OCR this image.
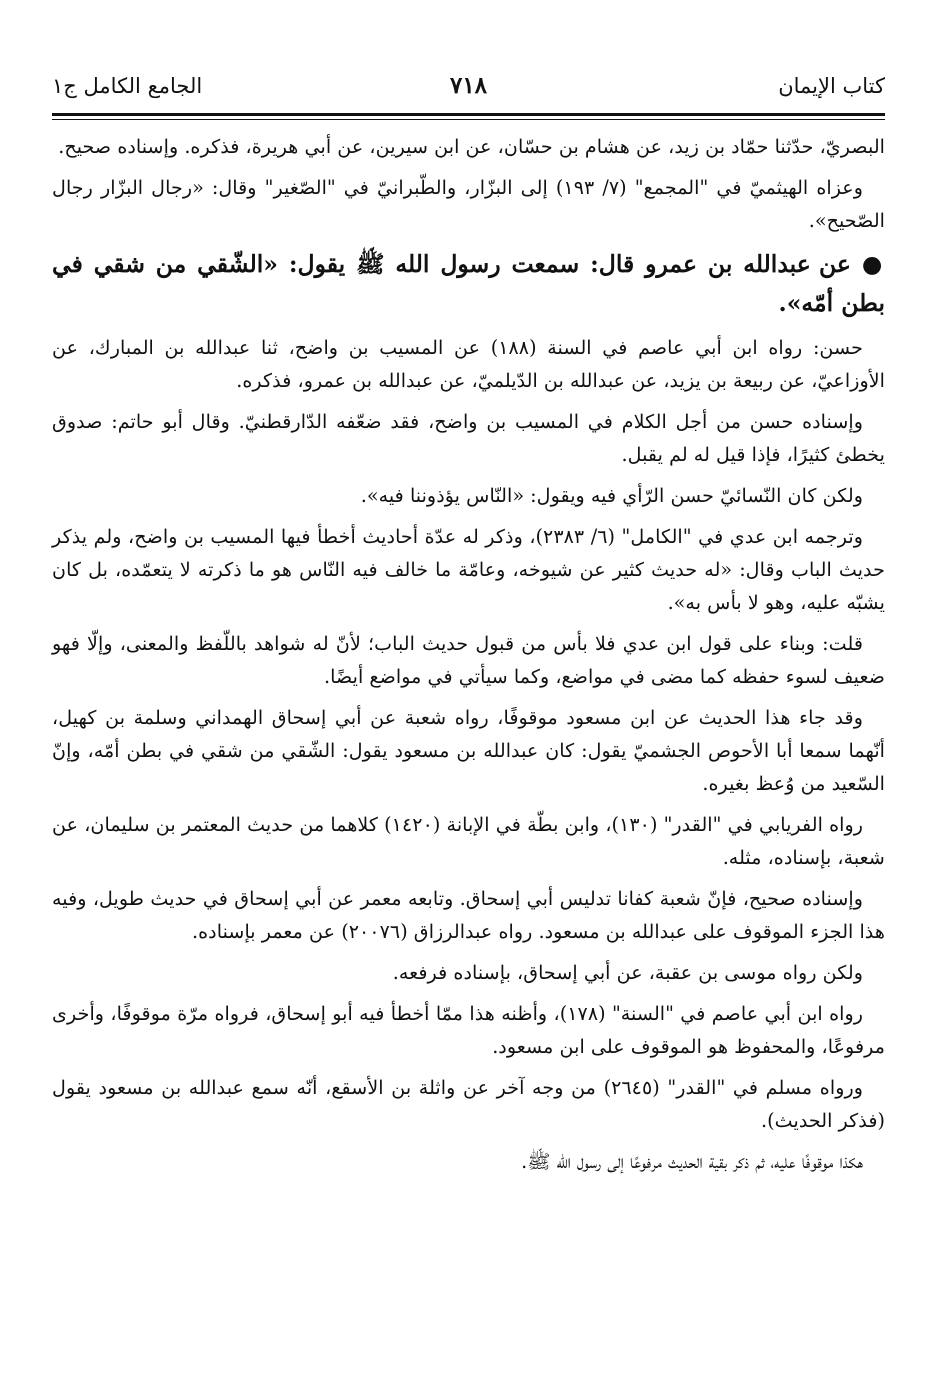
كتاب الإيمان
٧١٨
الجامع الكامل ج١

البصريّ، حدّثنا حمّاد بن زيد، عن هشام بن حسّان، عن ابن سيرين، عن أبي هريرة، فذكره. وإسناده صحيح.

وعزاه الهيثميّ في "المجمع" (٧/ ١٩٣) إلى البزّار، والطّبرانيّ في "الصّغير" وقال: «رجال البزّار رجال الصّحيح».

● عن عبدالله بن عمرو قال: سمعت رسول الله ﷺ يقول: «الشّقي من شقي في بطن أمّه».

حسن: رواه ابن أبي عاصم في السنة (١٨٨) عن المسيب بن واضح، ثنا عبدالله بن المبارك، عن الأوزاعيّ، عن ربيعة بن يزيد، عن عبدالله بن الدّيلميّ، عن عبدالله بن عمرو، فذكره.

وإسناده حسن من أجل الكلام في المسيب بن واضح، فقد ضعّفه الدّارقطنيّ. وقال أبو حاتم: صدوق يخطئ كثيرًا، فإذا قيل له لم يقبل.

ولكن كان النّسائيّ حسن الرّأي فيه ويقول: «النّاس يؤذوننا فيه».

وترجمه ابن عدي في "الكامل" (٦/ ٢٣٨٣)، وذكر له عدّة أحاديث أخطأ فيها المسيب بن واضح، ولم يذكر حديث الباب وقال: «له حديث كثير عن شيوخه، وعامّة ما خالف فيه النّاس هو ما ذكرته لا يتعمّده، بل كان يشبّه عليه، وهو لا بأس به».

قلت: وبناء على قول ابن عدي فلا بأس من قبول حديث الباب؛ لأنّ له شواهد باللّفظ والمعنى، وإلّا فهو ضعيف لسوء حفظه كما مضى في مواضع، وكما سيأتي في مواضع أيضًا.

وقد جاء هذا الحديث عن ابن مسعود موقوفًا، رواه شعبة عن أبي إسحاق الهمداني وسلمة بن كهيل، أنّهما سمعا أبا الأحوص الجشميّ يقول: كان عبدالله بن مسعود يقول: الشّقي من شقي في بطن أمّه، وإنّ السّعيد من وُعظ بغيره.

رواه الفريابي في "القدر" (١٣٠)، وابن بطّة في الإبانة (١٤٢٠) كلاهما من حديث المعتمر بن سليمان، عن شعبة، بإسناده، مثله.

وإسناده صحيح، فإنّ شعبة كفانا تدليس أبي إسحاق. وتابعه معمر عن أبي إسحاق في حديث طويل، وفيه هذا الجزء الموقوف على عبدالله بن مسعود. رواه عبدالرزاق (٢٠٠٧٦) عن معمر بإسناده.

ولكن رواه موسى بن عقبة، عن أبي إسحاق، بإسناده فرفعه.

رواه ابن أبي عاصم في "السنة" (١٧٨)، وأظنه هذا ممّا أخطأ فيه أبو إسحاق، فرواه مرّة موقوفًا، وأخرى مرفوعًا، والمحفوظ هو الموقوف على ابن مسعود.

ورواه مسلم في "القدر" (٢٦٤٥) من وجه آخر عن واثلة بن الأسقع، أنّه سمع عبدالله بن مسعود يقول (فذكر الحديث).

هكذا موقوفًا عليه، ثم ذكر بقية الحديث مرفوعًا إلى رسول الله ﷺ.
